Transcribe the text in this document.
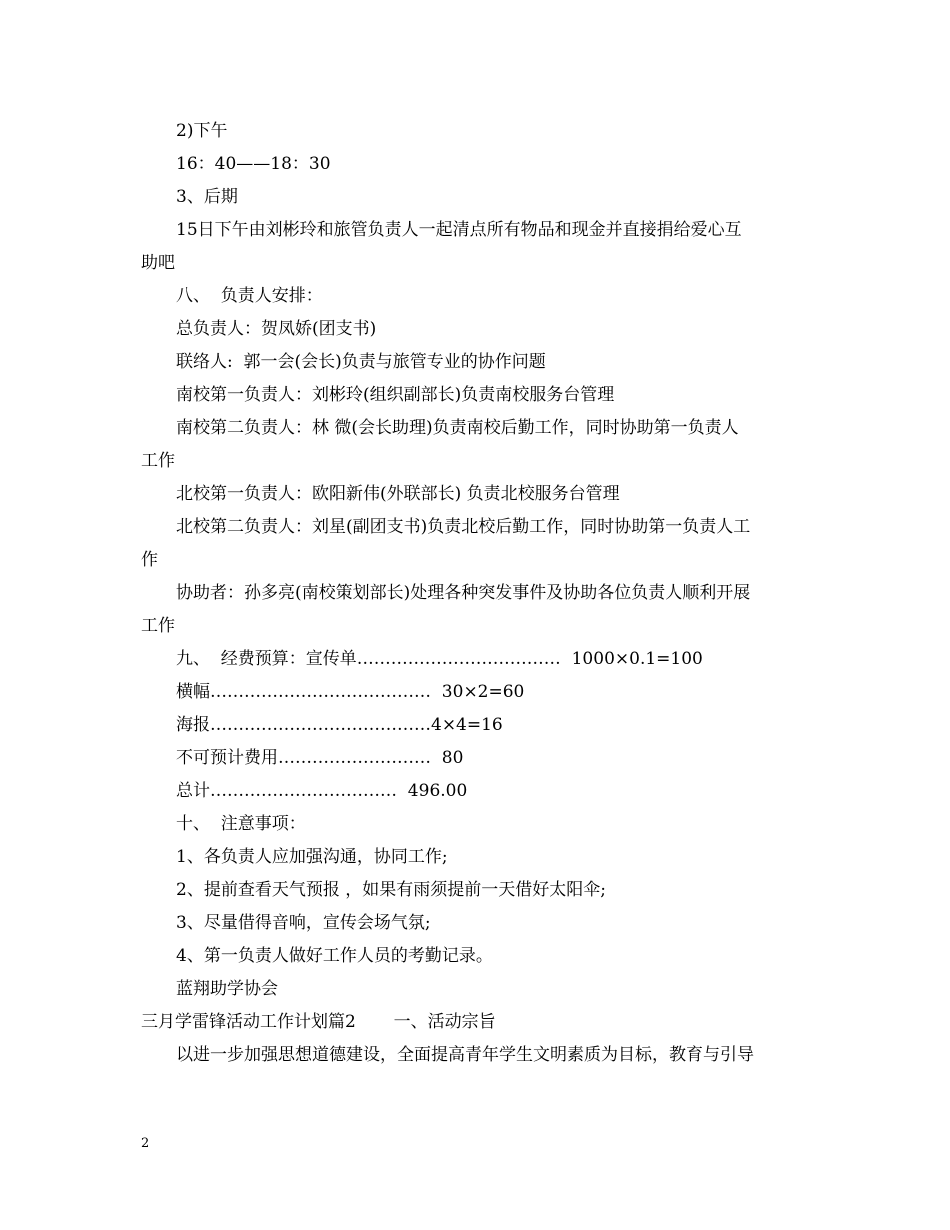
2)下午
16：40——18：30
3、后期
15日下午由刘彬玲和旅管负责人一起清点所有物品和现金并直接捐给爱心互
助吧
八、  负责人安排：
总负责人：贺凤娇(团支书)
联络人:  郭一会(会长)负责与旅管专业的协作问题
南校第一负责人：刘彬玲(组织副部长)负责南校服务台管理
南校第二负责人：林 微(会长助理)负责南校后勤工作，同时协助第一负责人
工作
北校第一负责人：欧阳新伟(外联部长) 负责北校服务台管理
北校第二负责人：刘星(副团支书)负责北校后勤工作，同时协助第一负责人工
作
协助者：孙多亮(南校策划部长)处理各种突发事件及协助各位负责人顺利开展
工作
九、  经费预算：宣传单………………………………  1000×0.1=100
横幅…………………………………  30×2=60
海报…………………………………4×4=16
不可预计费用………………………  80
总计……………………………  496.00
十、  注意事项：
1、各负责人应加强沟通，协同工作;
2、提前查看天气预报 ，如果有雨须提前一天借好太阳伞;
3、尽量借得音响，宣传会场气氛;
4、第一负责人做好工作人员的考勤记录。
蓝翔助学协会
三月学雷锋活动工作计划篇2       一、活动宗旨
以进一步加强思想道德建设，全面提高青年学生文明素质为目标，教育与引导
2
